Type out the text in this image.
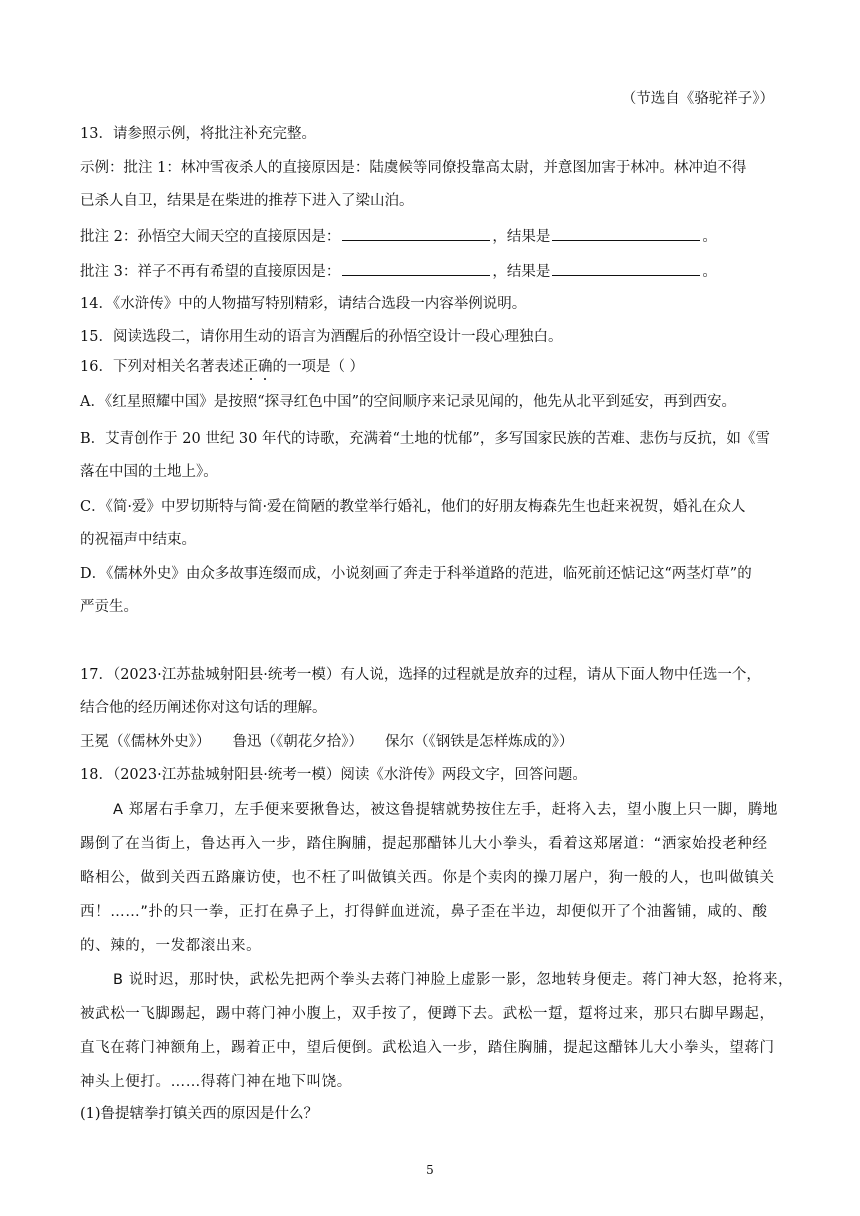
（节选自《骆驼祥子》）
13．请参照示例，将批注补充完整。
示例：批注 1：林冲雪夜杀人的直接原因是：陆虞候等同僚投靠高太尉，并意图加害于林冲。林冲迫不得
已杀人自卫，结果是在柴进的推荐下进入了梁山泊。
批注 2：孙悟空大闹天空的直接原因是：	，结果是	。
批注 3：祥子不再有希望的直接原因是：	，结果是	。
14．《水浒传》中的人物描写特别精彩，请结合选段一内容举例说明。
15．阅读选段二，请你用生动的语言为酒醒后的孙悟空设计一段心理独白。
16．下列对相关名著表述正确的一项是（ ）
A．《红星照耀中国》是按照“探寻红色中国”的空间顺序来记录见闻的，他先从北平到延安，再到西安。
B．艾青创作于 20 世纪 30 年代的诗歌，充满着“土地的忧郁”，多写国家民族的苦难、悲伤与反抗，如《雪
落在中国的土地上》。
C．《简·爱》中罗切斯特与简·爱在简陋的教堂举行婚礼，他们的好朋友梅森先生也赶来祝贺，婚礼在众人
的祝福声中结束。
D．《儒林外史》由众多故事连缀而成，小说刻画了奔走于科举道路的范进，临死前还惦记这“两茎灯草”的
严贡生。
17．（2023·江苏盐城射阳县·统考一模）有人说，选择的过程就是放弃的过程，请从下面人物中任选一个，
结合他的经历阐述你对这句话的理解。
王冕（《儒林外史》） 鲁迅（《朝花夕拾》） 保尔（《钢铁是怎样炼成的》）
18．（2023·江苏盐城射阳县·统考一模）阅读《水浒传》两段文字，回答问题。
A 郑屠右手拿刀，左手便来要揪鲁达，被这鲁提辖就势按住左手，赶将入去，望小腹上只一脚，腾地
踢倒了在当街上，鲁达再入一步，踏住胸脯，提起那醋钵儿大小拳头，看着这郑屠道：“洒家始投老种经
略相公，做到关西五路廉访使，也不枉了叫做镇关西。你是个卖肉的操刀屠户，狗一般的人，也叫做镇关
西！……”扑的只一拳，正打在鼻子上，打得鲜血迸流，鼻子歪在半边，却便似开了个油酱铺，咸的、酸
的、辣的，一发都滚出来。
B 说时迟，那时快，武松先把两个拳头去蒋门神脸上虚影一影，忽地转身便走。蒋门神大怒，抢将来，
被武松一飞脚踢起，踢中蒋门神小腹上，双手按了，便蹲下去。武松一踅，踅将过来，那只右脚早踢起，
直飞在蒋门神额角上，踢着正中，望后便倒。武松追入一步，踏住胸脯，提起这醋钵儿大小拳头，望蒋门
神头上便打。……得蒋门神在地下叫饶。
(1)鲁提辖拳打镇关西的原因是什么？
5
